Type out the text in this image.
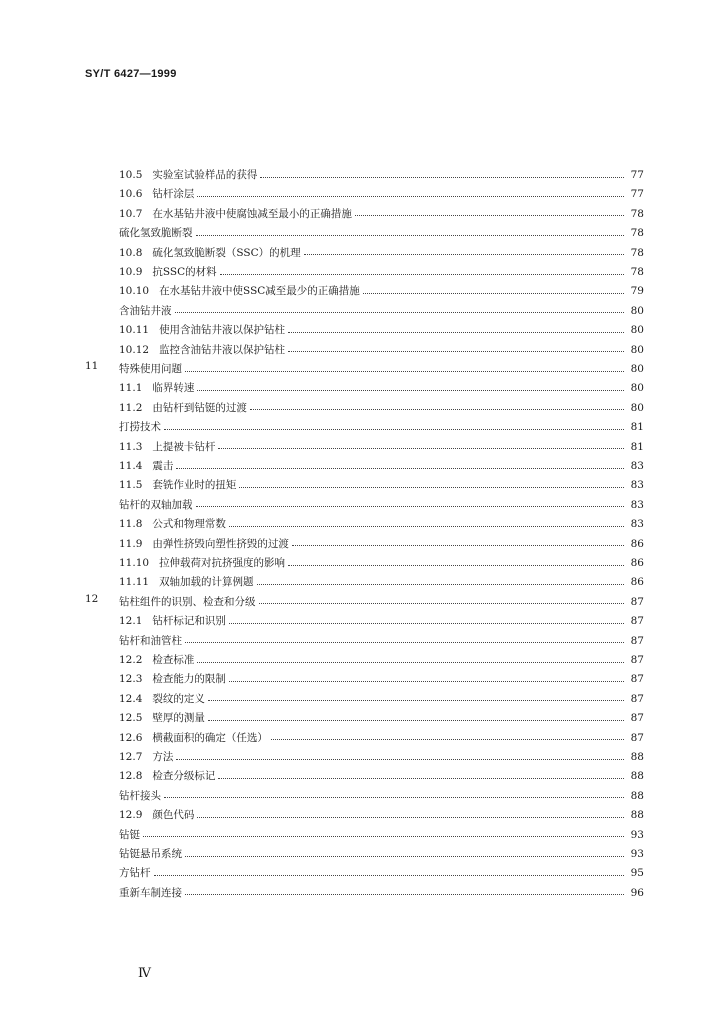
SY/T 6427—1999
10.5 实验室试验样品的获得	77
10.6 钻杆涂层	77
10.7 在水基钻井液中使腐蚀减至最小的正确措施	78
硫化氢致脆断裂	78
10.8 硫化氢致脆断裂（SSC）的机理	78
10.9 抗SSC的材料	78
10.10 在水基钻井液中使SSC减至最少的正确措施	79
含油钻井液	80
10.11 使用含油钻井液以保护钻柱	80
10.12 监控含油钻井液以保护钻柱	80
11 特殊使用问题	80
11.1 临界转速	80
11.2 由钻杆到钻铤的过渡	80
打捞技术	81
11.3 上提被卡钻杆	81
11.4 震击	83
11.5 套铣作业时的扭矩	83
钻杆的双轴加载	83
11.8 公式和物理常数	83
11.9 由弹性挤毁向塑性挤毁的过渡	86
11.10 拉伸载荷对抗挤强度的影响	86
11.11 双轴加载的计算例题	86
12 钻柱组件的识别、检查和分级	87
12.1 钻杆标记和识别	87
钻杆和油管柱	87
12.2 检查标准	87
12.3 检查能力的限制	87
12.4 裂纹的定义	87
12.5 壁厚的测量	87
12.6 横截面积的确定（任选）	87
12.7 方法	88
12.8 检查分级标记	88
钻杆接头	88
12.9 颜色代码	88
钻铤	93
钻铤悬吊系统	93
方钻杆	95
重新车制连接	96
Ⅳ
